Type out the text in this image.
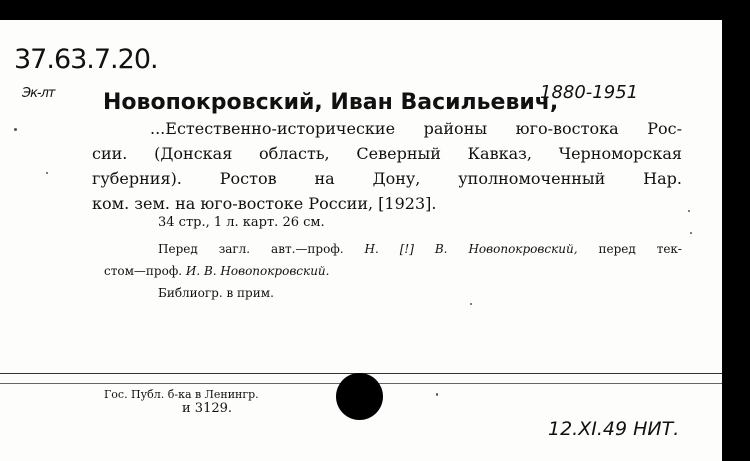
37.63.7.20.
Эк-лт Новопокровский, Иван Васильевич,
1880-1951

...Естественно-исторические районы юго-востока Рос-
сии. (Донская область, Северный Кавказ, Черноморская
губерния). Ростов на Дону, уполномоченный Нар.
ком. зем. на юго-востоке России, [1923].

34 стр., 1 л. карт. 26 см.

Перед загл. авт.—проф. Н. [!] В. Новопокровский, перед тек-
стом—проф. И. В. Новопокровский.
Библиогр. в прим.

Гос. Публ. б-ка в Ленингр.
и 3129.
12.XI.49 НИТ.
